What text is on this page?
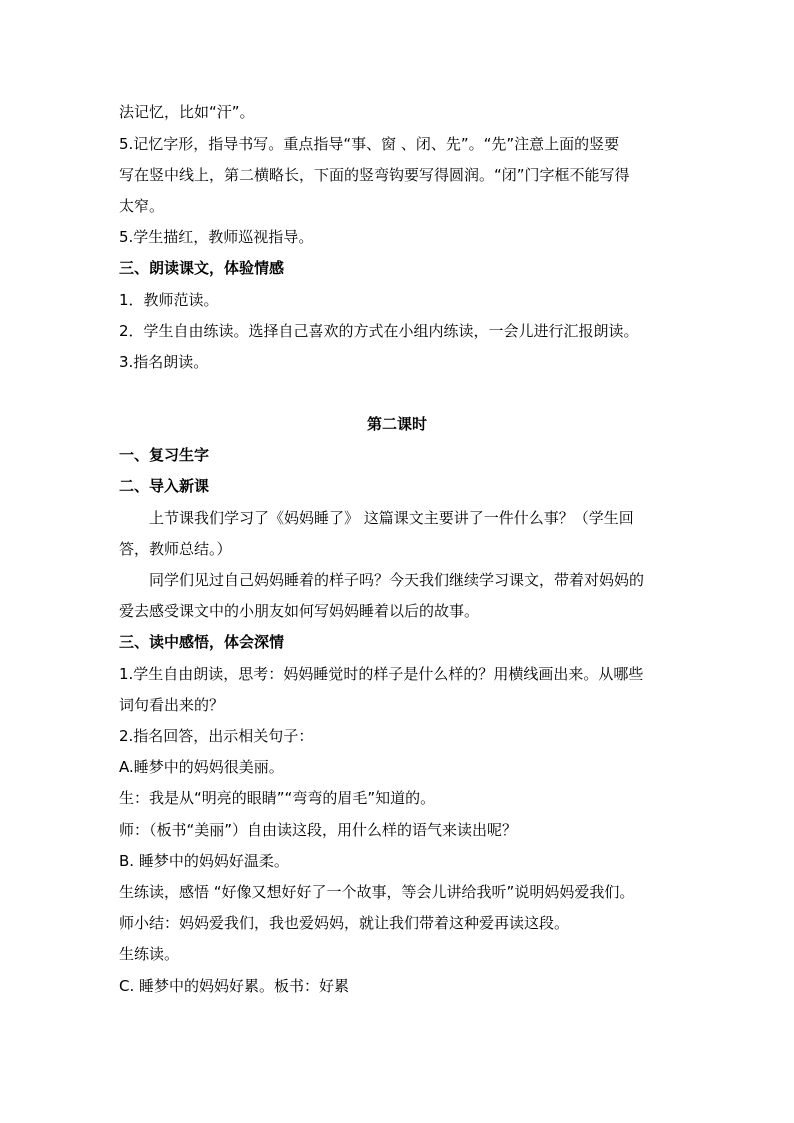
法记忆，比如“汗”。
5.记忆字形，指导书写。重点指导“事、窗 、闭、先”。“先”注意上面的竖要
写在竖中线上，第二横略长，下面的竖弯钩要写得圆润。“闭”门字框不能写得
太窄。
5.学生描红，教师巡视指导。
三、朗读课文，体验情感
1．教师范读。
2．学生自由练读。选择自己喜欢的方式在小组内练读，一会儿进行汇报朗读。
3.指名朗读。
第二课时
一、复习生字
二、导入新课
上节课我们学习了《妈妈睡了》 这篇课文主要讲了一件什么事？（学生回
答，教师总结。）
同学们见过自己妈妈睡着的样子吗？今天我们继续学习课文，带着对妈妈的
爱去感受课文中的小朋友如何写妈妈睡着以后的故事。
三、读中感悟，体会深情
1.学生自由朗读，思考：妈妈睡觉时的样子是什么样的？用横线画出来。从哪些
词句看出来的？
2.指名回答，出示相关句子：
A.睡梦中的妈妈很美丽。
生：我是从“明亮的眼睛”“弯弯的眉毛”知道的。
师：（板书“美丽”）自由读这段，用什么样的语气来读出呢？
B. 睡梦中的妈妈好温柔。
生练读，感悟 “好像又想好好了一个故事，等会儿讲给我听”说明妈妈爱我们。
师小结：妈妈爱我们，我也爱妈妈，就让我们带着这种爱再读这段。
生练读。
C. 睡梦中的妈妈好累。板书：好累
